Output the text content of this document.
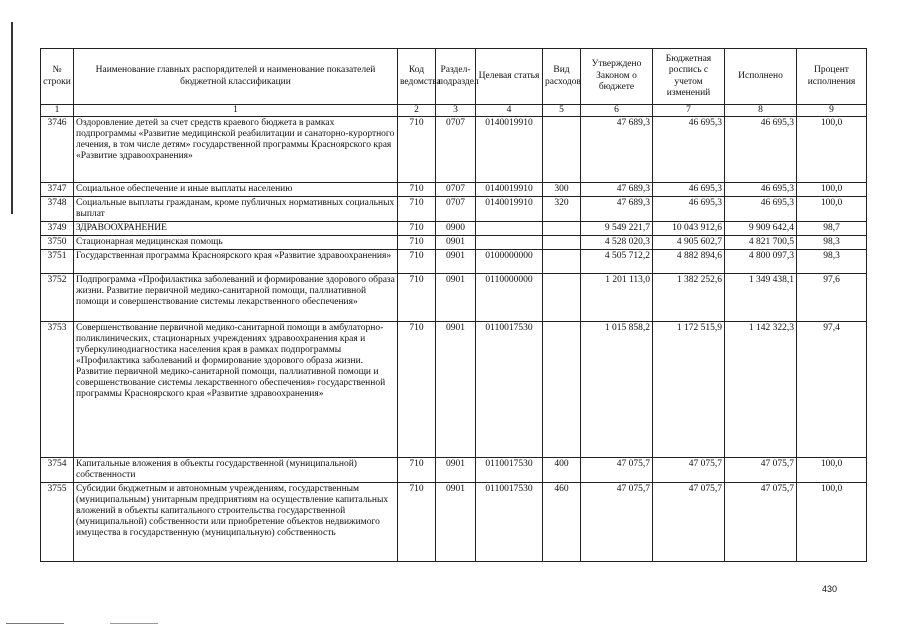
№ строки	Наименование главных распорядителей и наименование показателей бюджетной классификации	Код ведомства	Раздел-подраздел	Целевая статья	Вид расходов	Утверждено Законом о бюджете	Бюджетная роспись с учетом изменений	Исполнено	Процент исполнения
1	1	2	3	4	5	6	7	8	9
3746	Оздоровление детей за счет средств краевого бюджета в рамках подпрограммы «Развитие медицинской реабилитации и санаторно-курортного лечения, в том числе детям» государственной программы Красноярского края «Развитие здравоохранения»	710	0707	0140019910		47 689,3	46 695,3	46 695,3	100,0
3747	Социальное обеспечение и иные выплаты населению	710	0707	0140019910	300	47 689,3	46 695,3	46 695,3	100,0
3748	Социальные выплаты гражданам, кроме публичных нормативных социальных выплат	710	0707	0140019910	320	47 689,3	46 695,3	46 695,3	100,0
3749	ЗДРАВООХРАНЕНИЕ	710	0900			9 549 221,7	10 043 912,6	9 909 642,4	98,7
3750	Стационарная медицинская помощь	710	0901			4 528 020,3	4 905 602,7	4 821 700,5	98,3
3751	Государственная программа Красноярского края «Развитие здравоохранения»	710	0901	0100000000		4 505 712,2	4 882 894,6	4 800 097,3	98,3
3752	Подпрограмма «Профилактика заболеваний и формирование здорового образа жизни. Развитие первичной медико-санитарной помощи, паллиативной помощи и совершенствование системы лекарственного обеспечения»	710	0901	0110000000		1 201 113,0	1 382 252,6	1 349 438,1	97,6
3753	Совершенствование первичной медико-санитарной помощи в амбулаторно-поликлинических, стационарных учреждениях здравоохранения края и туберкулинодиагностика населения края в рамках подпрограммы «Профилактика заболеваний и формирование здорового образа жизни. Развитие первичной медико-санитарной помощи, паллиативной помощи и совершенствование системы лекарственного обеспечения» государственной программы Красноярского края «Развитие здравоохранения»	710	0901	0110017530		1 015 858,2	1 172 515,9	1 142 322,3	97,4
3754	Капитальные вложения в объекты государственной (муниципальной) собственности	710	0901	0110017530	400	47 075,7	47 075,7	47 075,7	100,0
3755	Субсидии бюджетным и автономным учреждениям, государственным (муниципальным) унитарным предприятиям на осуществление капитальных вложений в объекты капитального строительства государственной (муниципальной) собственности или приобретение объектов недвижимого имущества в государственную (муниципальную) собственность	710	0901	0110017530	460	47 075,7	47 075,7	47 075,7	100,0
430
